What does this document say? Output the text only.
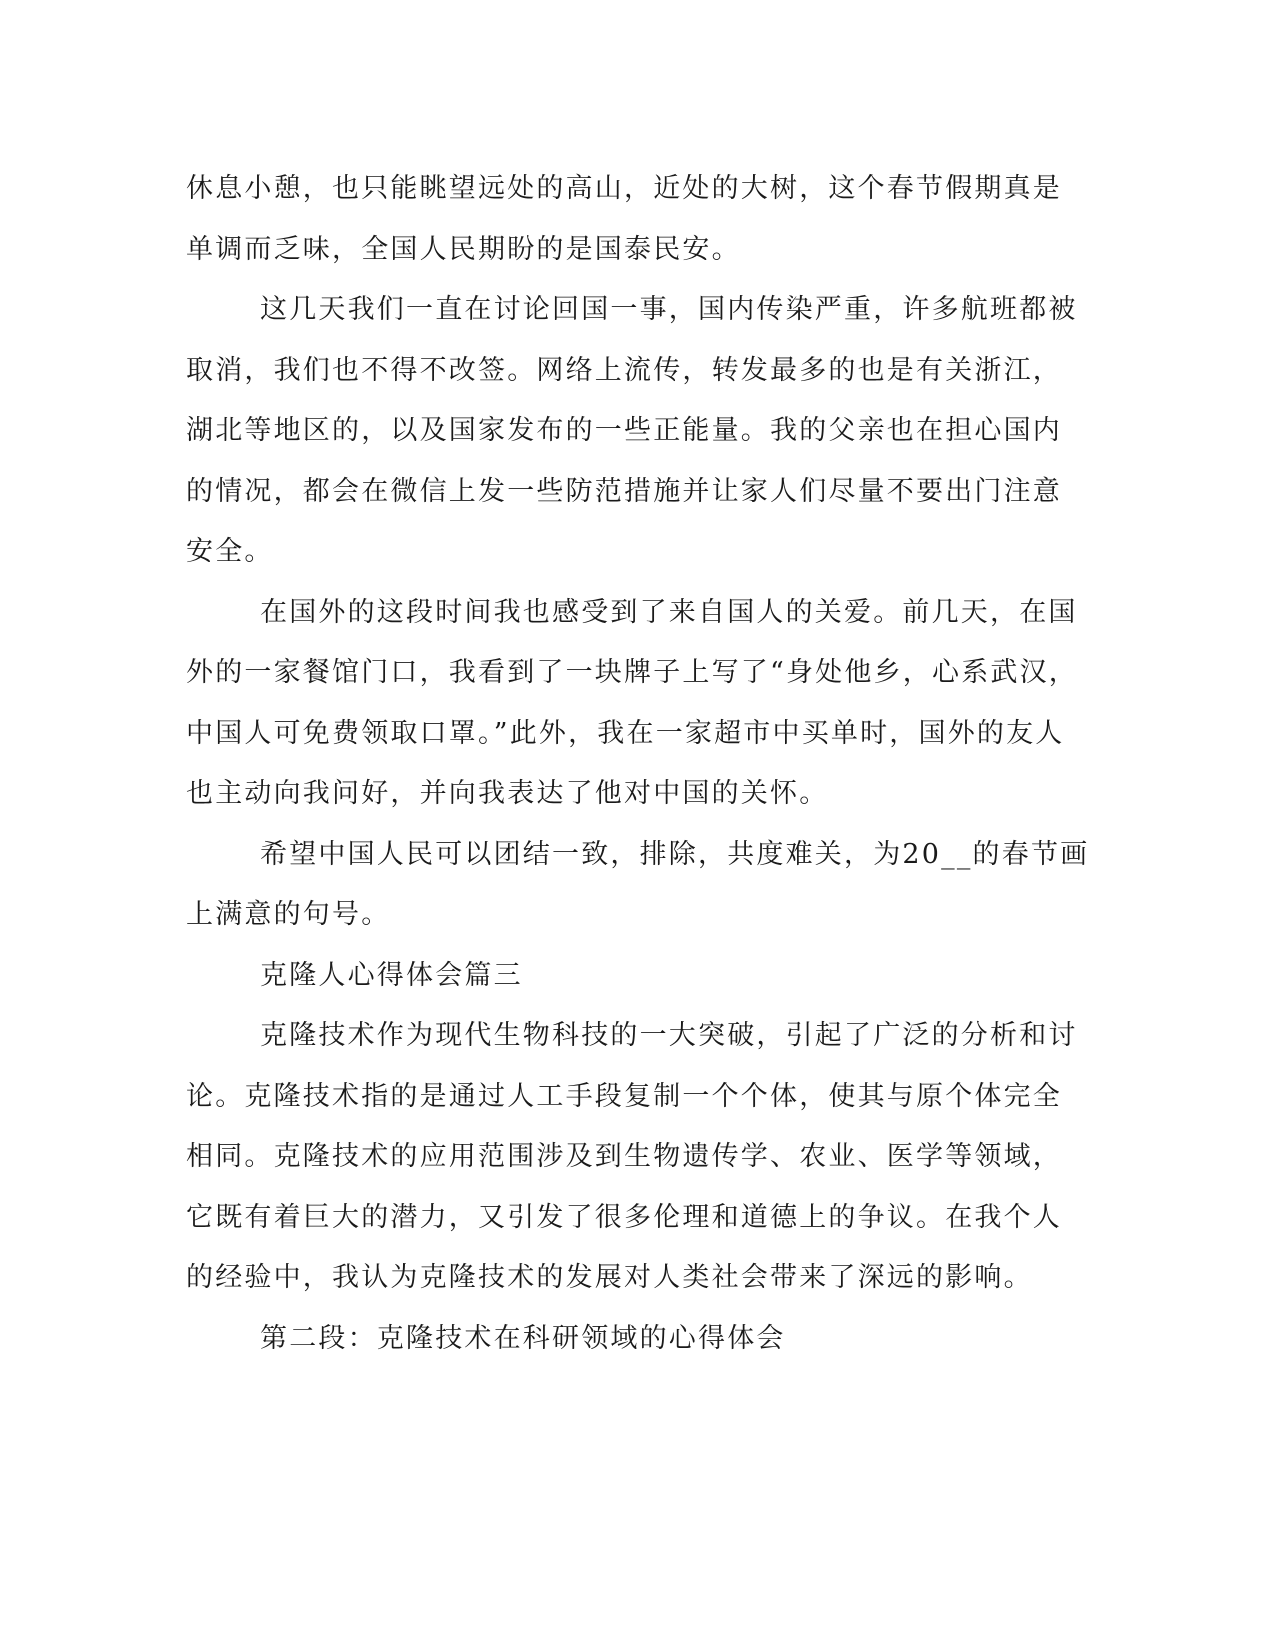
休息小憩，也只能眺望远处的高山，近处的大树，这个春节假期真是
单调而乏味，全国人民期盼的是国泰民安。
这几天我们一直在讨论回国一事，国内传染严重，许多航班都被
取消，我们也不得不改签。网络上流传，转发最多的也是有关浙江，
湖北等地区的，以及国家发布的一些正能量。我的父亲也在担心国内
的情况，都会在微信上发一些防范措施并让家人们尽量不要出门注意
安全。
在国外的这段时间我也感受到了来自国人的关爱。前几天，在国
外的一家餐馆门口，我看到了一块牌子上写了“身处他乡，心系武汉，
中国人可免费领取口罩。”此外，我在一家超市中买单时，国外的友人
也主动向我问好，并向我表达了他对中国的关怀。
希望中国人民可以团结一致，排除，共度难关，为20__的春节画
上满意的句号。
克隆人心得体会篇三
克隆技术作为现代生物科技的一大突破，引起了广泛的分析和讨
论。克隆技术指的是通过人工手段复制一个个体，使其与原个体完全
相同。克隆技术的应用范围涉及到生物遗传学、农业、医学等领域，
它既有着巨大的潜力，又引发了很多伦理和道德上的争议。在我个人
的经验中，我认为克隆技术的发展对人类社会带来了深远的影响。
第二段：克隆技术在科研领域的心得体会
